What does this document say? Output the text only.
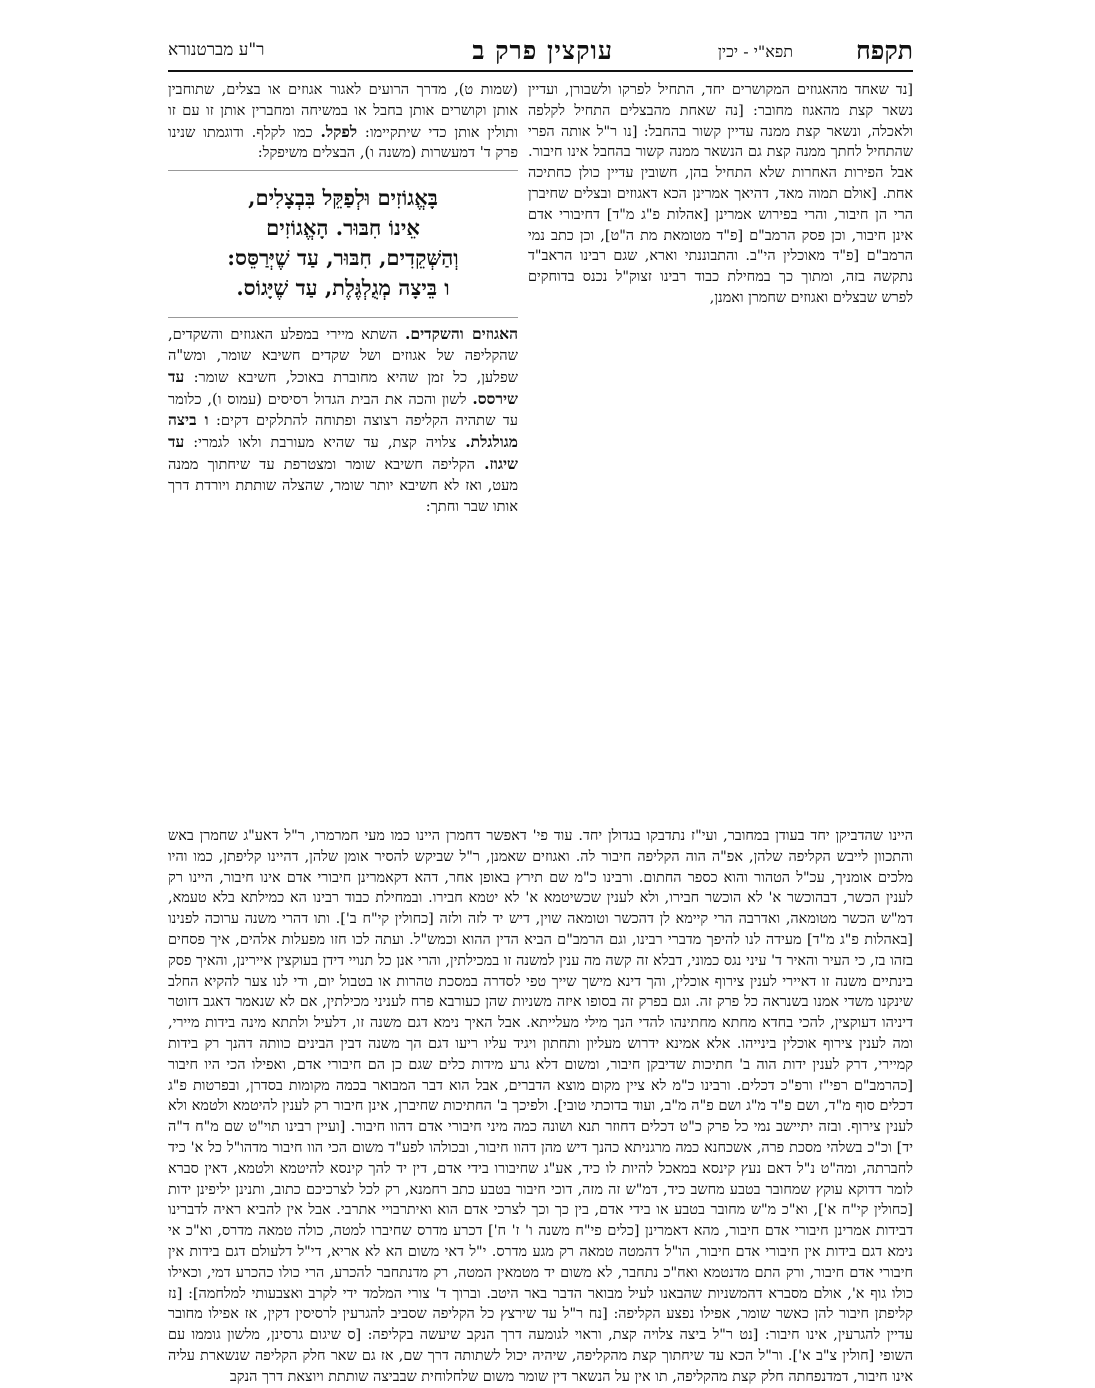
תקפח
תפא"י - יכין
עוקצין פרק ב
ר"ע מברטנורא
[נד שאחד מהאגוזים המקושרים יחד, התחיל לפרקו ולשבורן, ועדיין נשאר קצת מהאגוז מחובר: [נה שאחת מהבצלים התחיל לקלפה ולאכלה, ונשאר קצת ממנה עדיין קשור בהחבל: [נו ר"ל אותה הפרי שהתחיל לחתך ממנה קצת גם הנשאר ממנה קשור בהחבל אינו חיבור. אבל הפירות האחרות שלא התחיל בהן, חשובין עדיין כולן כחתיכה אחת. [אולם תמוה מאד, דהיאך אמרינן הכא דאגוזים ובצלים שחיברן הרי הן חיבור, והרי בפירוש אמרינן [אהלות פ"ג מ"ד] דחיבורי אדם אינן חיבור, וכן פסק הרמב"ם [פ"ד מטומאת מת ה"ט], וכן כתב נמי הרמב"ם [פ"ד מאוכלין הי"ב. והתבוננתי וארא, שגם רבינו הראב"ד נתקשה בזה, ומתוך כך במחילת כבוד רבינו זצוק"ל נכנס בדוחקים לפרש שבצלים ואגוזים שחמרן ואמנן,
(שמות ט), מדרך הרועים לאגור אגוזים או בצלים, שתוחבין אותן וקושרים אותן בחבל או במשיחה ומחברין אותן זו עם זו ותולין אותן כדי שיתקיימו: לפקל. כמו לקלף. ודוגמתו שנינו פרק ד' דמעשרות (משנה ו), הבצלים משיפקל:

בָּאֱגוֹזִים וּלְפַקֵּל בִּבְצָלִים,

אֵינוֹ חִבּוּר. הָאֱגוֹזִים

וְהַשְּׁקֵדִים, חִבּוּר, עַד שֶׁיְּרַסֵּס:

ו בֵּיצָה מְגֻלְגֶּלֶת, עַד שֶׁיָּגוֹס.

האגוזים והשקדים. השתא מיירי במפלע האגוזים והשקדים, שהקליפה של אגוזים ושל שקדים חשיבא שומר, ומש"ה שפלען, כל זמן שהיא מחוברת באוכל, חשיבא שומר: עד שירסס. לשון והכה את הבית הגדול רסיסים (עמוס ו), כלומר עד שתהיה הקליפה רצוצה ופתוחה להתלקים דקים: ו ביצה מגולגלת. צלויה קצת, עד שהיא מעורבת ולאו לגמרי: עד שיגוז. הקליפה חשיבא שומר ומצטרפת עד שיחתוך ממנה מעט, ואז לא חשיבא יותר שומר, שהצלה שותתת ויורדת דרך אותו שבר וחתך:
היינו שהדביקן יחד בעודן במחובר, ועי"ז נתדבקו בגדולן יחד. עוד פי' דאפשר דחמרן היינו כמו מעי חמרמרו, ר"ל דאע"ג שחמרן באש והתכוון לייבש הקליפה שלהן, אפ"ה הוה הקליפה חיבור לה. ואגוזים שאמנן, ר"ל שביקש להסיר אומן שלהן, דהיינו קליפתן, כמו והיו מלכים אומניך, עכ"ל הטהור והוא כספר החתום. ורבינו כ"מ שם תירץ באופן אחר, דהא דקאמרינן חיבורי אדם אינו חיבור, היינו רק לענין הכשר, דבהוכשר א' לא הוכשר חבירו, ולא לענין שכשיטמא א' לא יטמא חבירו. ובמחילת כבוד רבינו הא כמילתא בלא טעמא, דמ"ש הכשר מטומאה, ואדרבה הרי קיימא לן דהכשר וטומאה שוין, דיש יד לזה ולזה [כחולין קי"ח ב']. ותו דהרי משנה ערוכה לפנינו [באהלות פ"ג מ"ד] מעידה לנו להיפך מדברי רבינו, וגם הרמב"ם הביא הדין ההוא וכמש"ל. ועתה לכו חזו מפעלות אלהים, איך פסחים בזהו בז, כי העיר והאיר ד' עיני נגס כמוני, דבלא זה קשה מה ענין למשנה זו במכילתין, והרי אנן כל תנויי דידן בעוקצין איירינן, והאיך פסק בינתיים משנה זו דאיירי לענין צירוף אוכלין, והך דינא מישך שייך טפי לסדרה במסכת טהרות או בטבול יום, ודי לנו צער להקיא החלב שינקנו משדי אמנו בשנראה כל פרק זה. וגם בפרק זה בסופו איזה משניות שהן כעורבא פרח לעניני מכילתין, אם לא שנאמר דאגב דזוטר דיניהו דעוקצין, להכי בחדא מחתא מחתינהו להדי הנך מילי מעלייתא. אבל האיך נימא דגם משנה זו, דלעיל ולתתא מינה בידות מיירי, ומה לענין צירוף אוכלין בינייהו. אלא אמינא ידרוש מעליון ותחתון ויגיד עליו ריעו דגם הך משנה דבין הבינים כוותה דהנך רק בידות קמיירי, דרק לענין ידות הוה ב' חתיכות שדיבקן חיבור, ומשום דלא גרע מידות כלים שגם כן הם חיבורי אדם, ואפילו הכי היו חיבור [כהרמב"ם רפי"ז ורפ"כ דכלים. ורבינו כ"מ לא ציין מקום מוצא הדברים, אבל הוא דבר המבואר בכמה מקומות בסדרן, ובפרטות פ"ג דכלים סוף מ"ד, ושם פ"ד מ"ג ושם פ"ה מ"ב, ועוד בדוכתי טובי]. ולפיכך ב' החתיכות שחיברן, אינן חיבור רק לענין להיטמא ולטמא ולא לענין צירוף. ובזה יתיישב נמי כל פרק כ"ט דכלים דחוזר תנא ושונה כמה מיני חיבורי אדם דהוו חיבור. [ועיין רבינו תוי"ט שם מ"ח ד"ה יד] וכ"כ בשלהי מסכת פרה, אשכחנא כמה מרגניתא כהנך דיש מהן דהוו חיבור, ובכולהו לפע"ד משום הכי הוו חיבור מדהו"ל כל א' כיד לחברתה, ומה"ט נ"ל דאם נעץ קינסא במאכל להיות לו כיד, אע"ג שחיבורו בידי אדם, דין יד להך קינסא להיטמא ולטמא, דאין סברא לומר דדוקא עוקץ שמחובר בטבע מחשב כיד, דמ"ש זה מזה, דוכי חיבור בטבע כתב רחמנא, רק לכל לצרכיכם כתוב, ותנינן יליפינן ידות [כחולין קי"ח א'], וא"כ מ"ש מחובר בטבע או בידי אדם, בין כך וכך לצרכי אדם הוא ואיתרבויי אתרבי. אבל אין להביא ראיה לדברינו דבידות אמרינן חיבורי אדם חיבור, מהא דאמרינן [כלים פי"ח משנה ו' ז' ח'] דכרע מדרס שחיברו למטה, כולה טמאה מדרס, וא"כ אי נימא דגם בידות אין חיבורי אדם חיבור, הו"ל דהמטה טמאה רק מגע מדרס. י"ל דאי משום הא לא אריא, די"ל דלעולם דגם בידות אין חיבורי אדם חיבור, ורק התם מדנטמא ואח"כ נתחבר, לא משום יד מטמאין המטה, רק מדנתחבר להכרע, הרי כולו כהכרע דמי, וכאילו כולו גוף א', אולם מסברא דהמשניות שהבאנו לעיל מבואר הדבר באר היטב. וברוך ד' צורי המלמד ידי לקרב ואצבעותי למלחמה]: [נז קליפתן חיבור להן כאשר שומר, אפילו נפצע הקליפה: [נח ר"ל עד שירצץ כל הקליפה שסביב להגרעין לרסיסין דקין, אז אפילו מחובר עדיין להגרעין, אינו חיבור: [נט ר"ל ביצה צלויה קצת, וראוי לגומעה דרך הנקב שיעשה בקליפה: [ס שיגום גרסינן, מלשון גוממו עם השופי [חולין צ"ב א']. ור"ל הכא עד שיחתוך קצת מהקליפה, שיהיה יכול לשתותה דרך שם, אז גם שאר חלק הקליפה שנשארת עליה אינו חיבור, דמדנפחתה חלק קצת מהקליפה, תו אין על הנשאר דין שומר משום שלחלוחית שבביצה שותתת ויוצאת דרך הנקב
